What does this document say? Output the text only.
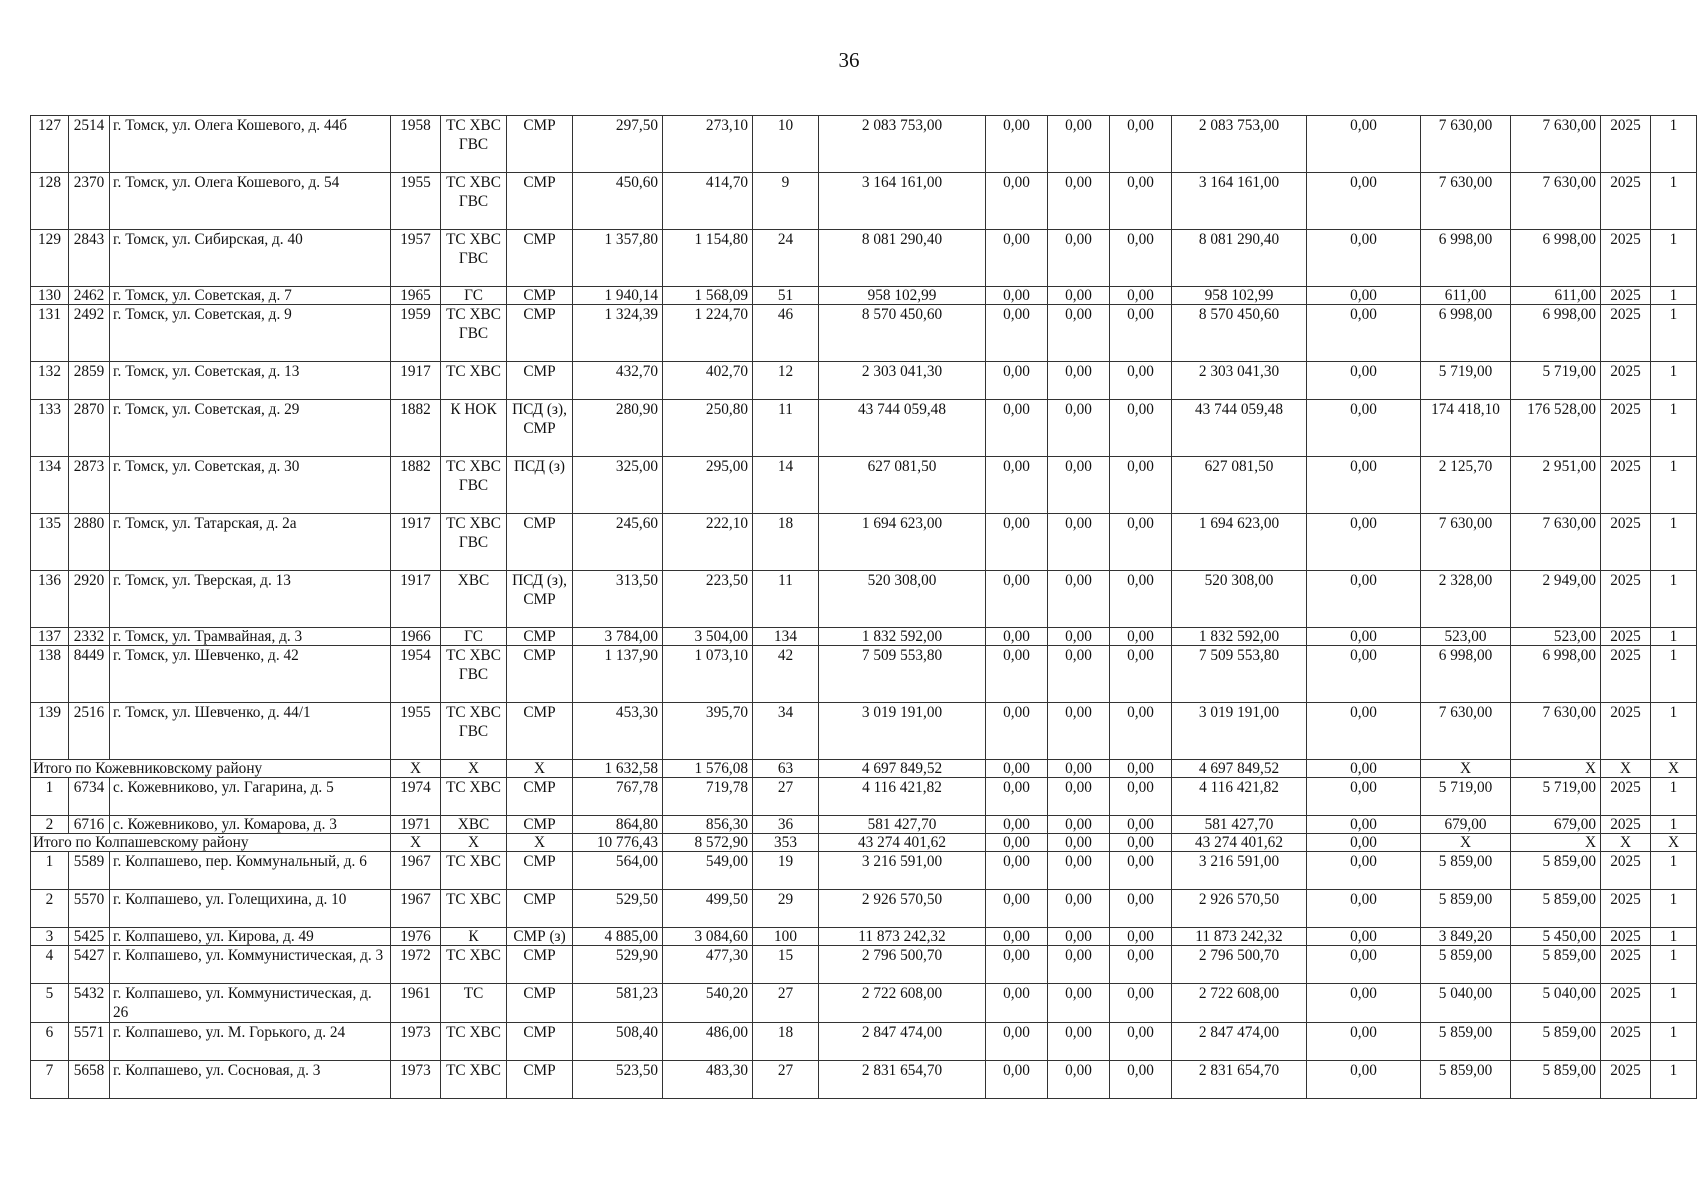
36
127	2514	г. Томск, ул. Олега Кошевого, д. 44б	1958	ТС ХВС ГВС	СМР	297,50	273,10	10	2 083 753,00	0,00	0,00	0,00	2 083 753,00	0,00	7 630,00	7 630,00	2025	1
128	2370	г. Томск, ул. Олега Кошевого, д. 54	1955	ТС ХВС ГВС	СМР	450,60	414,70	9	3 164 161,00	0,00	0,00	0,00	3 164 161,00	0,00	7 630,00	7 630,00	2025	1
129	2843	г. Томск, ул. Сибирская, д. 40	1957	ТС ХВС ГВС	СМР	1 357,80	1 154,80	24	8 081 290,40	0,00	0,00	0,00	8 081 290,40	0,00	6 998,00	6 998,00	2025	1
130	2462	г. Томск, ул. Советская, д. 7	1965	ГС	СМР	1 940,14	1 568,09	51	958 102,99	0,00	0,00	0,00	958 102,99	0,00	611,00	611,00	2025	1
131	2492	г. Томск, ул. Советская, д. 9	1959	ТС ХВС ГВС	СМР	1 324,39	1 224,70	46	8 570 450,60	0,00	0,00	0,00	8 570 450,60	0,00	6 998,00	6 998,00	2025	1
132	2859	г. Томск, ул. Советская, д. 13	1917	ТС ХВС	СМР	432,70	402,70	12	2 303 041,30	0,00	0,00	0,00	2 303 041,30	0,00	5 719,00	5 719,00	2025	1
133	2870	г. Томск, ул. Советская, д. 29	1882	К НОК	ПСД (з), СМР	280,90	250,80	11	43 744 059,48	0,00	0,00	0,00	43 744 059,48	0,00	174 418,10	176 528,00	2025	1
134	2873	г. Томск, ул. Советская, д. 30	1882	ТС ХВС ГВС	ПСД (з)	325,00	295,00	14	627 081,50	0,00	0,00	0,00	627 081,50	0,00	2 125,70	2 951,00	2025	1
135	2880	г. Томск, ул. Татарская, д. 2а	1917	ТС ХВС ГВС	СМР	245,60	222,10	18	1 694 623,00	0,00	0,00	0,00	1 694 623,00	0,00	7 630,00	7 630,00	2025	1
136	2920	г. Томск, ул. Тверская, д. 13	1917	ХВС	ПСД (з), СМР	313,50	223,50	11	520 308,00	0,00	0,00	0,00	520 308,00	0,00	2 328,00	2 949,00	2025	1
137	2332	г. Томск, ул. Трамвайная, д. 3	1966	ГС	СМР	3 784,00	3 504,00	134	1 832 592,00	0,00	0,00	0,00	1 832 592,00	0,00	523,00	523,00	2025	1
138	8449	г. Томск, ул. Шевченко, д. 42	1954	ТС ХВС ГВС	СМР	1 137,90	1 073,10	42	7 509 553,80	0,00	0,00	0,00	7 509 553,80	0,00	6 998,00	6 998,00	2025	1
139	2516	г. Томск, ул. Шевченко, д. 44/1	1955	ТС ХВС ГВС	СМР	453,30	395,70	34	3 019 191,00	0,00	0,00	0,00	3 019 191,00	0,00	7 630,00	7 630,00	2025	1
Итого по Кожевниковскому району			Х	Х	Х	1 632,58	1 576,08	63	4 697 849,52	0,00	0,00	0,00	4 697 849,52	0,00	Х	Х	Х	Х
1	6734	с. Кожевниково, ул. Гагарина, д. 5	1974	ТС ХВС	СМР	767,78	719,78	27	4 116 421,82	0,00	0,00	0,00	4 116 421,82	0,00	5 719,00	5 719,00	2025	1
2	6716	с. Кожевниково, ул. Комарова, д. 3	1971	ХВС	СМР	864,80	856,30	36	581 427,70	0,00	0,00	0,00	581 427,70	0,00	679,00	679,00	2025	1
Итого по Колпашевскому району			Х	Х	Х	10 776,43	8 572,90	353	43 274 401,62	0,00	0,00	0,00	43 274 401,62	0,00	Х	Х	Х	Х
1	5589	г. Колпашево, пер. Коммунальный, д. 6	1967	ТС ХВС	СМР	564,00	549,00	19	3 216 591,00	0,00	0,00	0,00	3 216 591,00	0,00	5 859,00	5 859,00	2025	1
2	5570	г. Колпашево, ул. Голещихина, д. 10	1967	ТС ХВС	СМР	529,50	499,50	29	2 926 570,50	0,00	0,00	0,00	2 926 570,50	0,00	5 859,00	5 859,00	2025	1
3	5425	г. Колпашево, ул. Кирова, д. 49	1976	К	СМР (з)	4 885,00	3 084,60	100	11 873 242,32	0,00	0,00	0,00	11 873 242,32	0,00	3 849,20	5 450,00	2025	1
4	5427	г. Колпашево, ул. Коммунистическая, д. 3	1972	ТС ХВС	СМР	529,90	477,30	15	2 796 500,70	0,00	0,00	0,00	2 796 500,70	0,00	5 859,00	5 859,00	2025	1
5	5432	г. Колпашево, ул. Коммунистическая, д. 26	1961	ТС	СМР	581,23	540,20	27	2 722 608,00	0,00	0,00	0,00	2 722 608,00	0,00	5 040,00	5 040,00	2025	1
6	5571	г. Колпашево, ул. М. Горького, д. 24	1973	ТС ХВС	СМР	508,40	486,00	18	2 847 474,00	0,00	0,00	0,00	2 847 474,00	0,00	5 859,00	5 859,00	2025	1
7	5658	г. Колпашево, ул. Сосновая, д. 3	1973	ТС ХВС	СМР	523,50	483,30	27	2 831 654,70	0,00	0,00	0,00	2 831 654,70	0,00	5 859,00	5 859,00	2025	1
